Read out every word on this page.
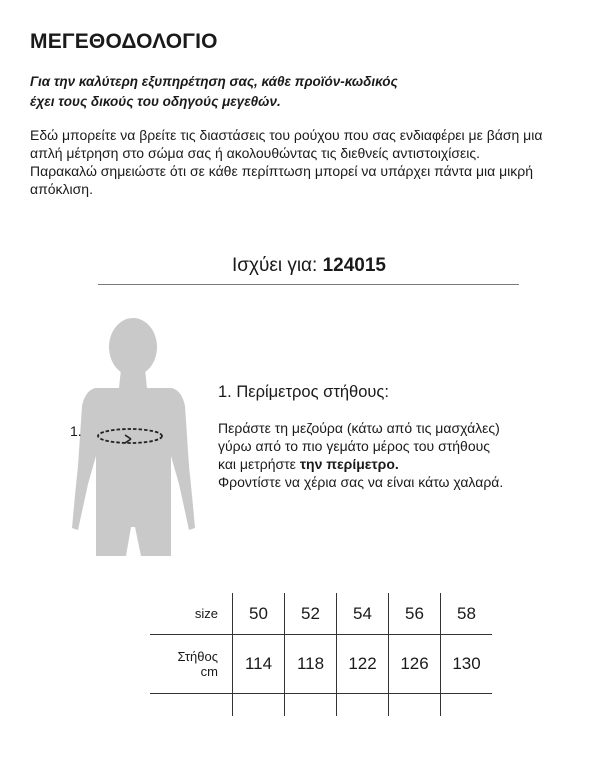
ΜΕΓΕΘΟΔΟΛΟΓΙΟ
Για την καλύτερη εξυπηρέτηση σας, κάθε προϊόν-κωδικός
έχει τους δικούς του οδηγούς μεγεθών.

Εδώ μπορείτε να βρείτε τις διαστάσεις του ρούχου που σας ενδιαφέρει με βάση μια απλή μέτρηση στο σώμα σας ή ακολουθώντας τις διεθνείς αντιστοιχίσεις.

Παρακαλώ σημειώστε ότι σε κάθε περίπτωση μπορεί να υπάρχει πάντα μια μικρή απόκλιση.

Ισχύει για: 124015
1.
1. Περίμετρος στήθους:

Περάστε τη μεζούρα (κάτω από τις μασχάλες)

γύρω από το πιο γεμάτο μέρος του στήθους

και μετρήστε την περίμετρο.

Φροντίστε να χέρια σας να είναι κάτω χαλαρά.

size	50	52	54	56	58

Στήθος
cm	114	118	122	126	130
